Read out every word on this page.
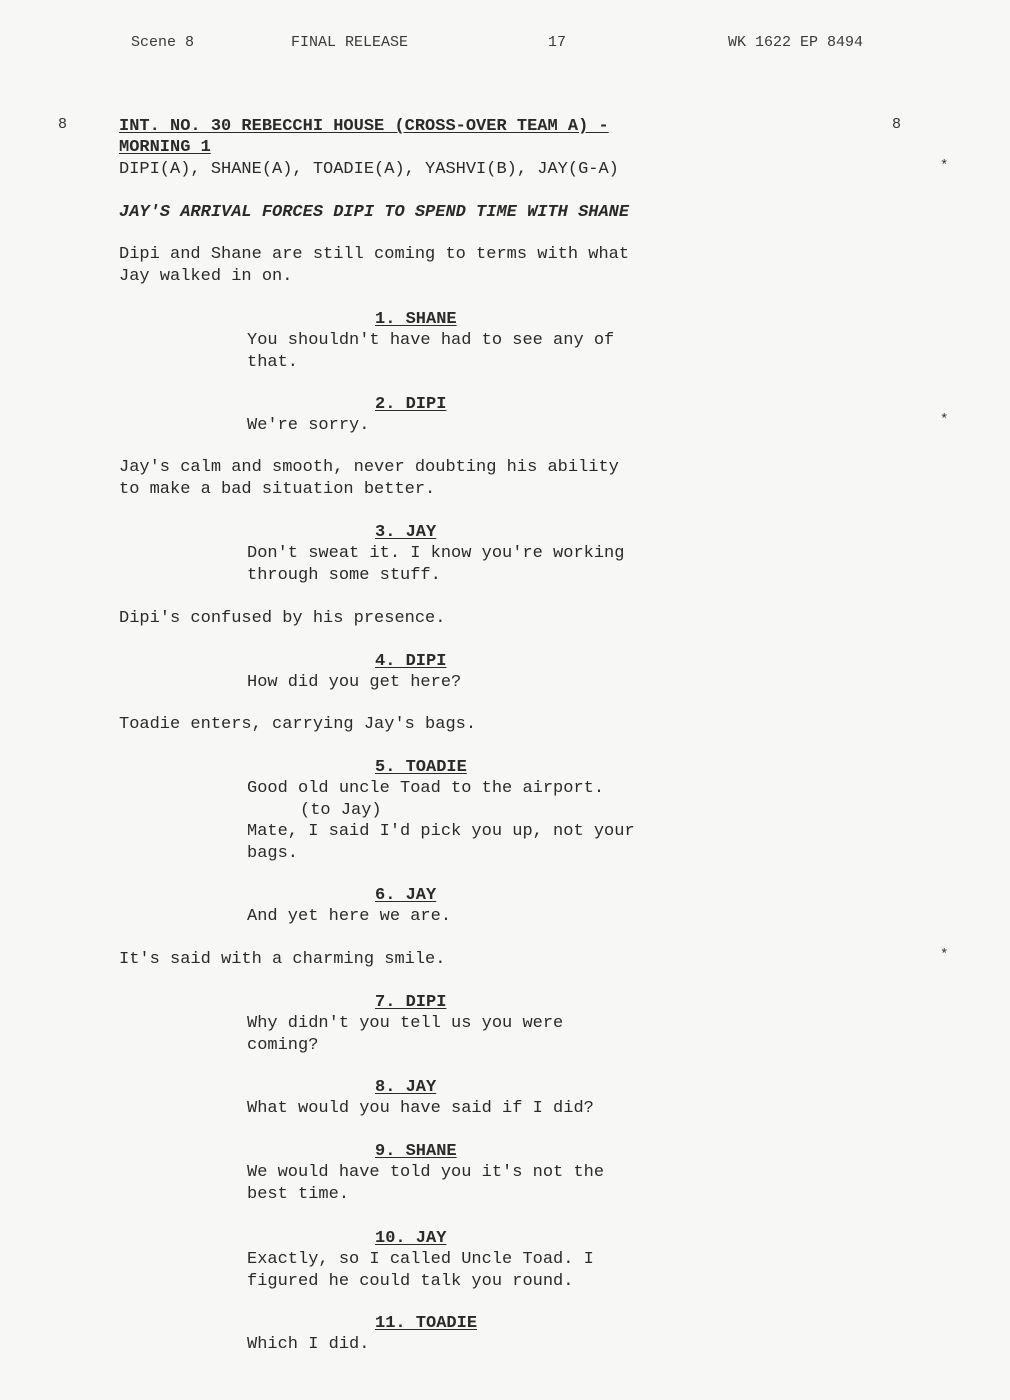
Scene 8	FINAL RELEASE	17	WK 1622 EP 8494
8	8
*
*
*
INT. NO. 30 REBECCHI HOUSE (CROSS-OVER TEAM A) -
MORNING 1
DIPI(A), SHANE(A), TOADIE(A), YASHVI(B), JAY(G-A)
JAY'S ARRIVAL FORCES DIPI TO SPEND TIME WITH SHANE
Dipi and Shane are still coming to terms with what
Jay walked in on.
1. SHANE
You shouldn't have had to see any of
that.
2. DIPI
We're sorry.
Jay's calm and smooth, never doubting his ability
to make a bad situation better.
3. JAY
Don't sweat it. I know you're working
through some stuff.
Dipi's confused by his presence.
4. DIPI
How did you get here?
Toadie enters, carrying Jay's bags.
5. TOADIE
Good old uncle Toad to the airport.
(to Jay)
Mate, I said I'd pick you up, not your
bags.
6. JAY
And yet here we are.
It's said with a charming smile.
7. DIPI
Why didn't you tell us you were
coming?
8. JAY
What would you have said if I did?
9. SHANE
We would have told you it's not the
best time.
10. JAY
Exactly, so I called Uncle Toad. I
figured he could talk you round.
11. TOADIE
Which I did.
